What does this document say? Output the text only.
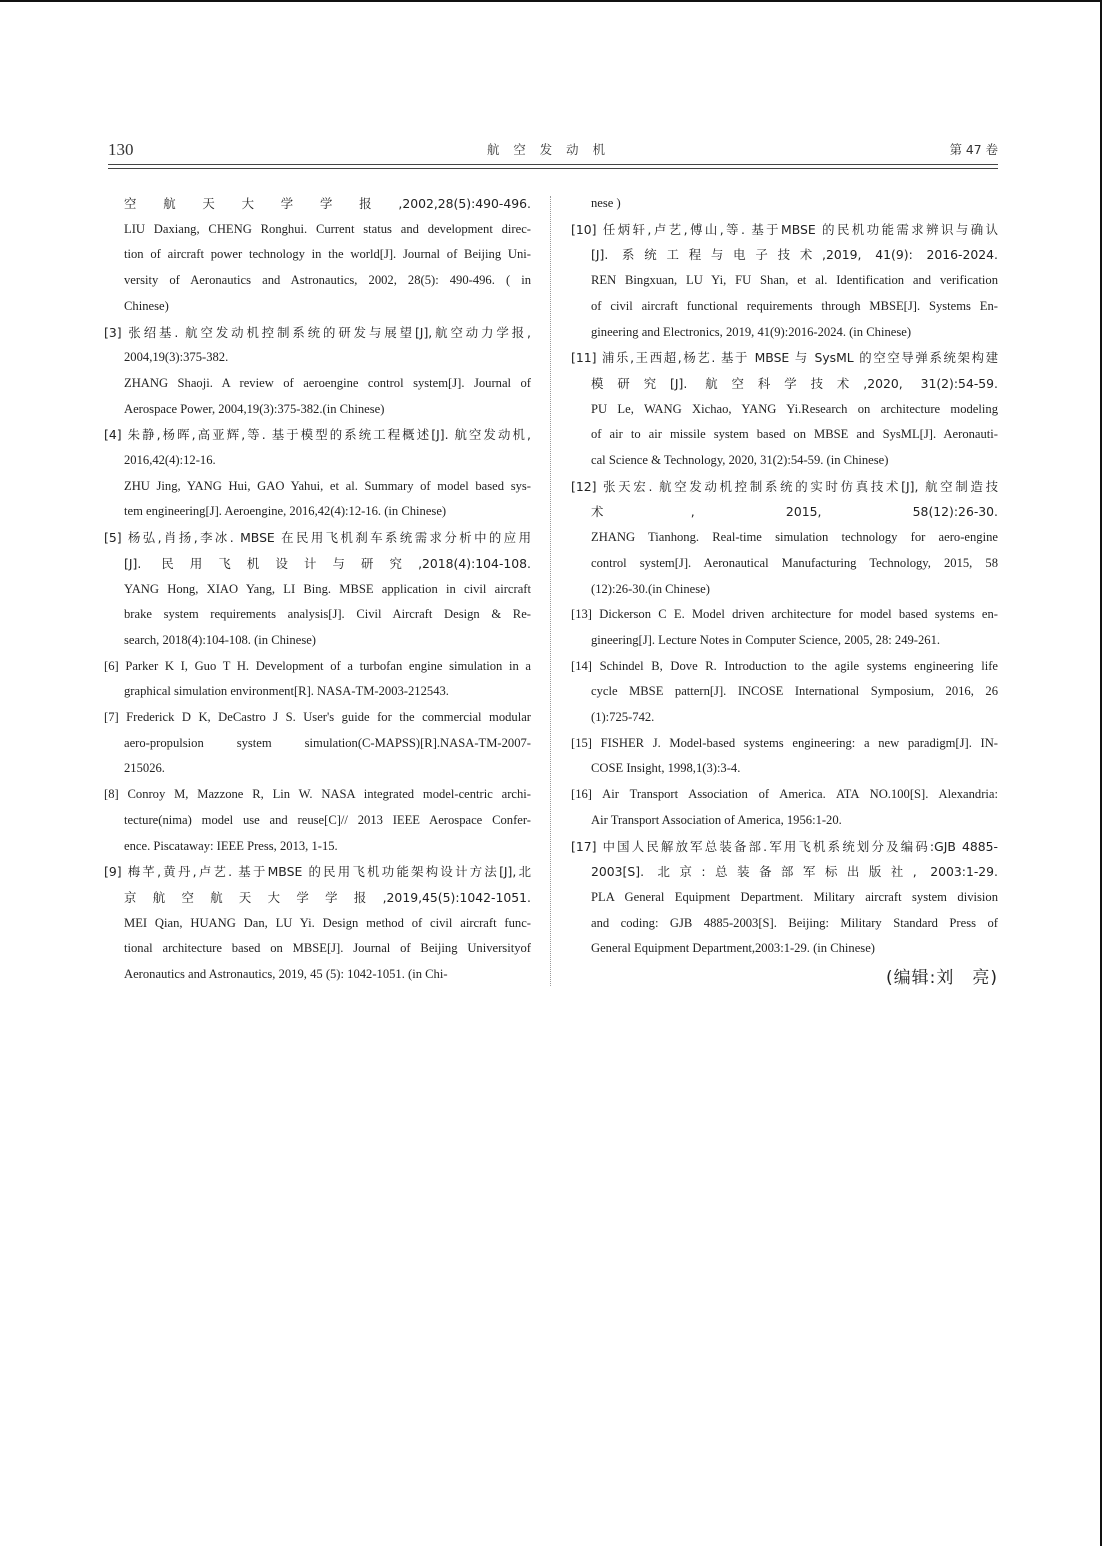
130	航空发动机	第 47 卷
空航天大学学报,2002,28(5):490-496.
LIU Daxiang, CHENG Ronghui. Current status and development direc-
tion of aircraft power technology in the world[J]. Journal of Beijing Uni-
versity of Aeronautics and Astronautics, 2002, 28(5): 490-496. ( in
Chinese)
[3] 张绍基. 航空发动机控制系统的研发与展望[J],航空动力学报,
2004,19(3):375-382.
ZHANG Shaoji. A review of aeroengine control system[J]. Journal of
Aerospace Power, 2004,19(3):375-382.(in Chinese)
[4] 朱静,杨晖,高亚辉,等. 基于模型的系统工程概述[J]. 航空发动机,
2016,42(4):12-16.
ZHU Jing, YANG Hui, GAO Yahui, et al. Summary of model based sys-
tem engineering[J]. Aeroengine, 2016,42(4):12-16. (in Chinese)
[5] 杨弘,肖扬,李冰. MBSE 在民用飞机刹车系统需求分析中的应用
[J]. 民用飞机设计与研究,2018(4):104-108.
YANG Hong, XIAO Yang, LI Bing. MBSE application in civil aircraft
brake system requirements analysis[J]. Civil Aircraft Design & Re-
search, 2018(4):104-108. (in Chinese)
[6] Parker K I, Guo T H. Development of a turbofan engine simulation in a
graphical simulation environment[R]. NASA-TM-2003-212543.
[7] Frederick D K, DeCastro J S. User's guide for the commercial modular
aero-propulsion system simulation(C-MAPSS)[R].NASA-TM-2007-
215026.
[8] Conroy M, Mazzone R, Lin W. NASA integrated model-centric archi-
tecture(nima) model use and reuse[C]// 2013 IEEE Aerospace Confer-
ence. Piscataway: IEEE Press, 2013, 1-15.
[9] 梅芊,黄丹,卢艺. 基于MBSE 的民用飞机功能架构设计方法[J],北
京航空航天大学学报,2019,45(5):1042-1051.
MEI Qian, HUANG Dan, LU Yi. Design method of civil aircraft func-
tional architecture based on MBSE[J]. Journal of Beijing Universityof
Aeronautics and Astronautics, 2019, 45 (5): 1042-1051. (in Chi-
nese )
[10] 任炳轩,卢艺,傅山,等. 基于MBSE 的民机功能需求辨识与确认
[J]. 系统工程与电子技术,2019, 41(9): 2016-2024.
REN Bingxuan, LU Yi, FU Shan, et al. Identification and verification
of civil aircraft functional requirements through MBSE[J]. Systems En-
gineering and Electronics, 2019, 41(9):2016-2024. (in Chinese)
[11] 浦乐,王西超,杨艺. 基于 MBSE 与 SysML 的空空导弹系统架构建
模研究[J]. 航空科学技术,2020, 31(2):54-59.
PU Le, WANG Xichao, YANG Yi.Research on architecture modeling
of air to air missile system based on MBSE and SysML[J]. Aeronauti-
cal Science & Technology, 2020, 31(2):54-59. (in Chinese)
[12] 张天宏. 航空发动机控制系统的实时仿真技术[J], 航空制造技
术, 2015, 58(12):26-30.
ZHANG Tianhong. Real-time simulation technology for aero-engine
control system[J]. Aeronautical Manufacturing Technology, 2015, 58
(12):26-30.(in Chinese)
[13] Dickerson C E. Model driven architecture for model based systems en-
gineering[J]. Lecture Notes in Computer Science, 2005, 28: 249-261.
[14] Schindel B, Dove R. Introduction to the agile systems engineering life
cycle MBSE pattern[J]. INCOSE International Symposium, 2016, 26
(1):725-742.
[15] FISHER J. Model-based systems engineering: a new paradigm[J]. IN-
COSE Insight, 1998,1(3):3-4.
[16] Air Transport Association of America. ATA NO.100[S]. Alexandria:
Air Transport Association of America, 1956:1-20.
[17] 中国人民解放军总装备部.军用飞机系统划分及编码:GJB 4885-
2003[S]. 北京:总装备部军标出版社, 2003:1-29.
PLA General Equipment Department. Military aircraft system division
and coding: GJB 4885-2003[S]. Beijing: Military Standard Press of
General Equipment Department,2003:1-29. (in Chinese)
(编辑:刘　亮)
